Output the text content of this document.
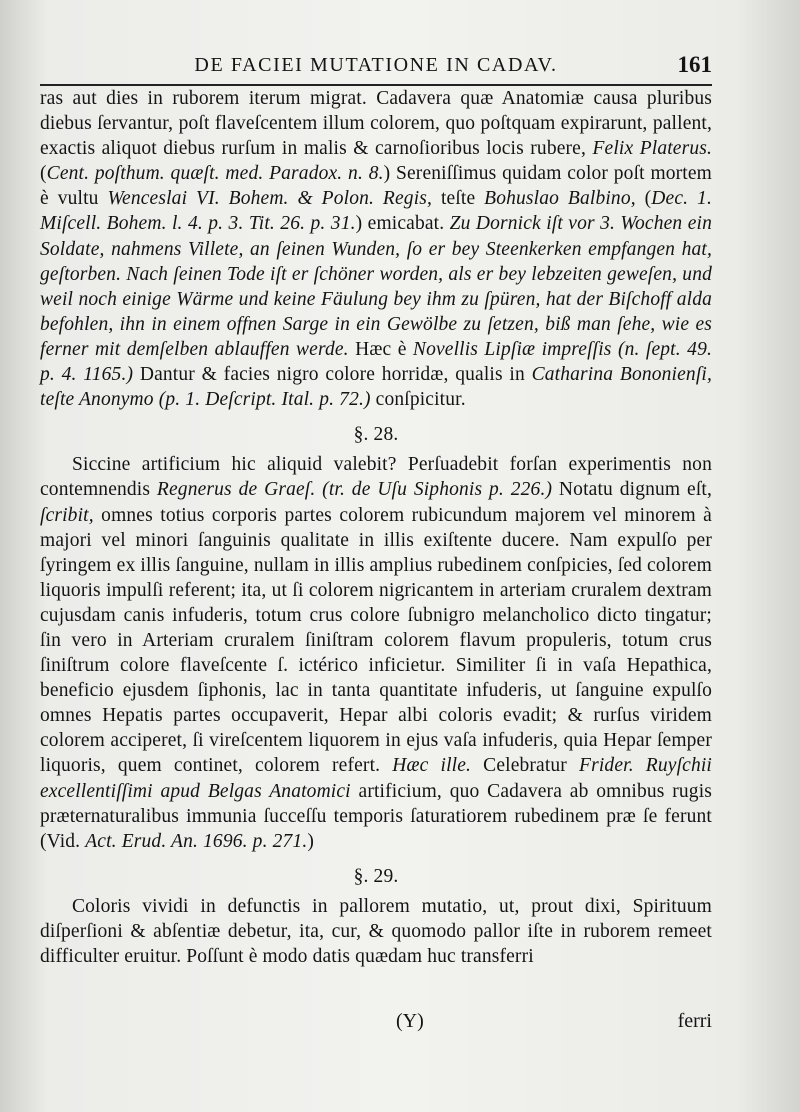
DE FACIEI MUTATIONE IN CADAV.	161

ras aut dies in ruborem iterum migrat. Cadavera quæ Anatomiæ causa pluribus diebus ſervantur, poſt flaveſcentem illum colorem, quo poſtquam expirarunt, pallent, exactis aliquot diebus rurſum in malis & carnoſioribus locis rubere, Felix Platerus. (Cent. poſthum. quæſt. med. Paradox. n. 8.) Sereniſſimus quidam color poſt mortem è vultu Wenceslai VI. Bohem. & Polon. Regis, teſte Bohuslao Balbino, (Dec. 1. Miſcell. Bohem. l. 4. p. 3. Tit. 26. p. 31.) emicabat. Zu Dornick iſt vor 3. Wochen ein Soldate, nahmens Villete, an ſeinen Wunden, ſo er bey Steenkerken empfangen hat, geſtorben. Nach ſeinen Tode iſt er ſchöner worden, als er bey lebzeiten geweſen, und weil noch einige Wärme und keine Fäulung bey ihm zu ſpüren, hat der Biſchoff alda befohlen, ihn in einem offnen Sarge in ein Gewölbe zu ſetzen, biß man ſehe, wie es ferner mit demſelben ablauffen werde. Hæc è Novellis Lipſiæ impreſſis (n. ſept. 49. p. 4. 1165.) Dantur & facies nigro colore horridæ, qualis in Catharina Bononienſi, teſte Anonymo (p. 1. Deſcript. Ital. p. 72.) conſpicitur.

§. 28.

Siccine artificium hic aliquid valebit? Perſuadebit forſan experimentis non contemnendis Regnerus de Graeſ. (tr. de Uſu Siphonis p. 226.) Notatu dignum eſt, ſcribit, omnes totius corporis partes colorem rubicundum majorem vel minorem à majori vel minori ſanguinis qualitate in illis exiſtente ducere. Nam expulſo per ſyringem ex illis ſanguine, nullam in illis amplius rubedinem conſpicies, ſed colorem liquoris impulſi referent; ita, ut ſi colorem nigricantem in arteriam cruralem dextram cujusdam canis infuderis, totum crus colore ſubnigro melancholico dicto tingatur; ſin vero in Arteriam cruralem ſiniſtram colorem flavum propuleris, totum crus ſiniſtrum colore flaveſcente ſ. ictérico inficietur. Similiter ſi in vaſa Hepathica, beneficio ejusdem ſiphonis, lac in tanta quantitate infuderis, ut ſanguine expulſo omnes Hepatis partes occupaverit, Hepar albi coloris evadit; & rurſus viridem colorem acciperet, ſi vireſcentem liquorem in ejus vaſa infuderis, quia Hepar ſemper liquoris, quem continet, colorem refert. Hæc ille. Celebratur Frider. Ruyſchii excellentiſſimi apud Belgas Anatomici artificium, quo Cadavera ab omnibus rugis præternaturalibus immunia ſucceſſu temporis ſaturatiorem rubedinem præ ſe ferunt (Vid. Act. Erud. An. 1696. p. 271.)

§. 29.

Coloris vividi in defunctis in pallorem mutatio, ut, prout dixi, Spirituum diſperſioni & abſentiæ debetur, ita, cur, & quomodo pallor iſte in ruborem remeet difficulter eruitur. Poſſunt è modo datis quædam huc transferri

(Y)	ferri
